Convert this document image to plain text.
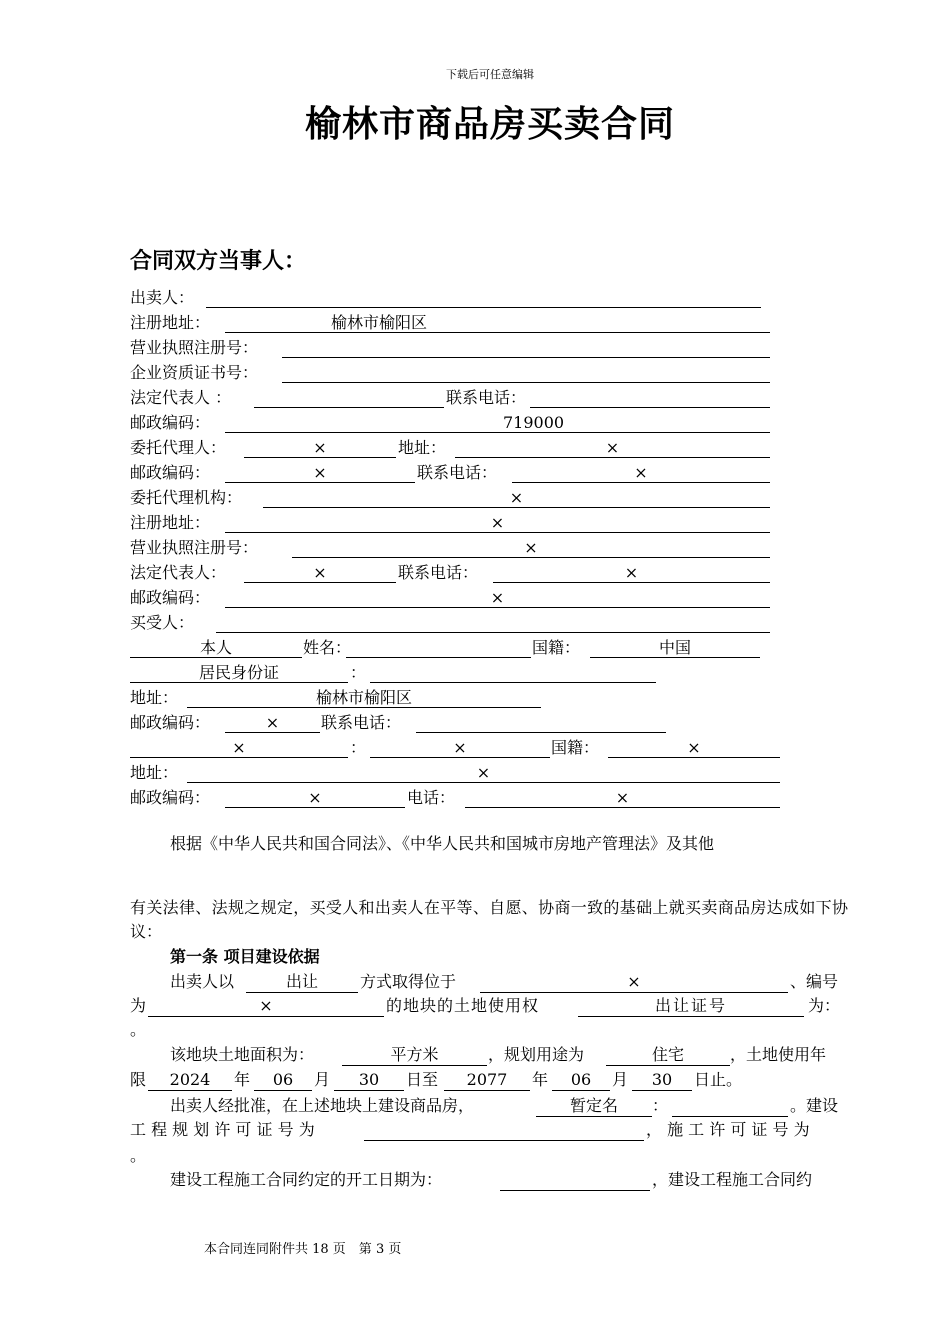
下载后可任意编辑
榆林市商品房买卖合同
合同双方当事人：
出卖人：
注册地址：	榆林市榆阳区
营业执照注册号：
企业资质证书号：
法定代表人 ：	联系电话：
邮政编码：	719000
委托代理人：	×	地址：	×
邮政编码：	×	联系电话：	×
委托代理机构：	×
注册地址：	×
营业执照注册号：	×
法定代表人：	×	联系电话：	×
邮政编码：	×
买受人：
本人	姓名：	国籍：	中国
居民身份证	：
地址：	榆林市榆阳区
邮政编码：	×	联系电话：
×	：	×	国籍：	×
地址：	×
邮政编码：	×	电话：	×
根据《中华人民共和国合同法》、《中华人民共和国城市房地产管理法》及其他
有关法律、法规之规定，买受人和出卖人在平等、自愿、协商一致的基础上就买卖商品房达成如下协议：
第一条 项目建设依据
出卖人以	出让	方式取得位于	×	、编号
为	×	的地块的土地使用权	出让证号	为：
。
该地块土地面积为：	平方米	，规划用途为	住宅	，土地使用年
限	2024	年	06	月	30	日至	2077	年	06	月	30	日止。
出卖人经批准，在上述地块上建设商品房，	暂定名	：	。建设
工 程 规 划 许 可 证 号 为	， 施 工 许 可 证 号 为
。
建设工程施工合同约定的开工日期为：	，建设工程施工合同约
本合同连同附件共 18 页　第 3 页
